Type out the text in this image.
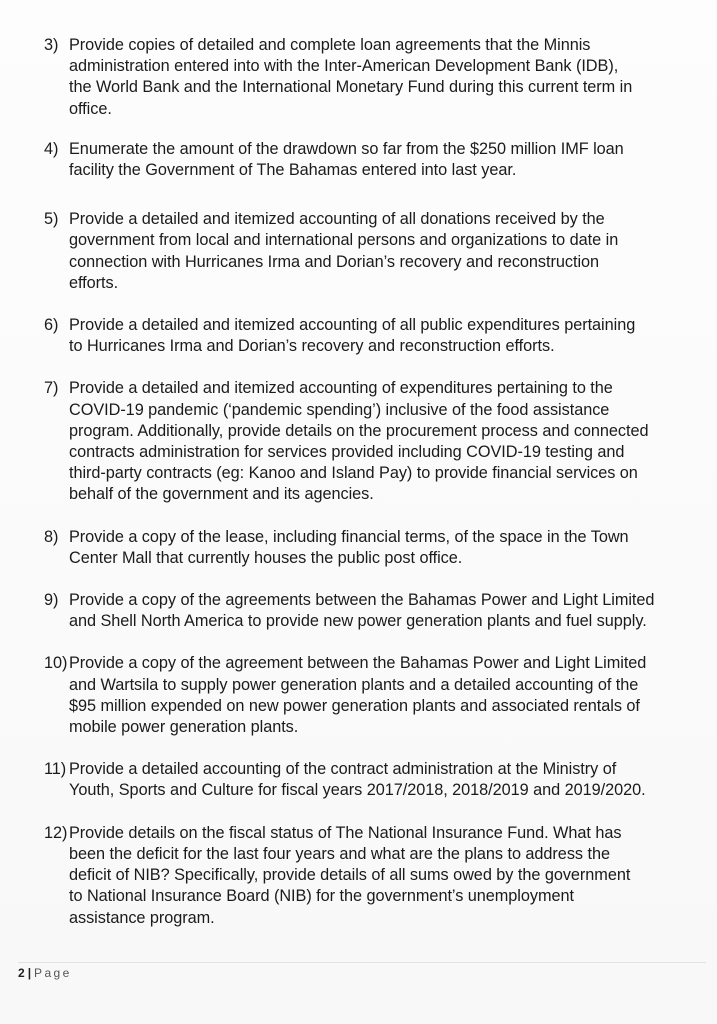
3) Provide copies of detailed and complete loan agreements that the Minnis
administration entered into with the Inter-American Development Bank (IDB),
the World Bank and the International Monetary Fund during this current term in
office.
4) Enumerate the amount of the drawdown so far from the $250 million IMF loan
facility the Government of The Bahamas entered into last year.
5) Provide a detailed and itemized accounting of all donations received by the
government from local and international persons and organizations to date in
connection with Hurricanes Irma and Dorian’s recovery and reconstruction
efforts.
6) Provide a detailed and itemized accounting of all public expenditures pertaining
to Hurricanes Irma and Dorian’s recovery and reconstruction efforts.
7) Provide a detailed and itemized accounting of expenditures pertaining to the
COVID-19 pandemic (‘pandemic spending’) inclusive of the food assistance
program. Additionally, provide details on the procurement process and connected
contracts administration for services provided including COVID-19 testing and
third-party contracts (eg: Kanoo and Island Pay) to provide financial services on
behalf of the government and its agencies.
8) Provide a copy of the lease, including financial terms, of the space in the Town
Center Mall that currently houses the public post office.
9) Provide a copy of the agreements between the Bahamas Power and Light Limited
and Shell North America to provide new power generation plants and fuel supply.
10) Provide a copy of the agreement between the Bahamas Power and Light Limited
and Wartsila to supply power generation plants and a detailed accounting of the
$95 million expended on new power generation plants and associated rentals of
mobile power generation plants.
11) Provide a detailed accounting of the contract administration at the Ministry of
Youth, Sports and Culture for fiscal years 2017/2018, 2018/2019 and 2019/2020.
12) Provide details on the fiscal status of The National Insurance Fund. What has
been the deficit for the last four years and what are the plans to address the
deficit of NIB? Specifically, provide details of all sums owed by the government
to National Insurance Board (NIB) for the government’s unemployment
assistance program.
2 | Page
